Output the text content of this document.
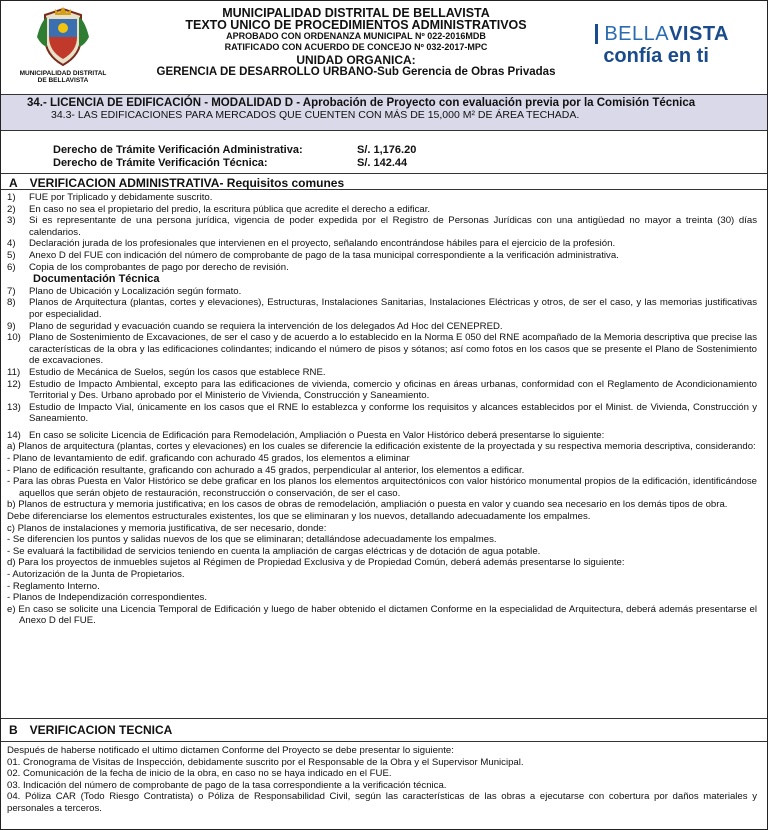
MUNICIPALIDAD DISTRITAL
DE BELLAVISTA
MUNICIPALIDAD DISTRITAL DE BELLAVISTA
TEXTO UNICO DE PROCEDIMIENTOS ADMINISTRATIVOS
APROBADO CON ORDENANZA MUNICIPAL Nº 022-2016MDB
RATIFICADO CON ACUERDO DE CONCEJO Nº 032-2017-MPC
UNIDAD ORGANICA:
GERENCIA DE DESARROLLO URBANO-Sub Gerencia de Obras Privadas
BELLAVISTA
confía en ti
34.- LICENCIA DE EDIFICACIÓN - MODALIDAD D - Aprobación de Proyecto con evaluación previa por la Comisión Técnica
34.3- LAS EDIFICACIONES PARA MERCADOS QUE CUENTEN CON MÁS DE 15,000 M² DE ÁREA TECHADA.
Derecho de Trámite Verificación Administrativa:	S/. 1,176.20
Derecho de Trámite Verificación Técnica:	S/. 142.44
A VERIFICACION ADMINISTRATIVA- Requisitos comunes
1)	FUE por Triplicado y debidamente suscrito.
2)	En caso no sea el propietario del predio, la escritura pública que acredite el derecho a edificar.
3)	Si es representante de una persona jurídica, vigencia de poder expedida por el Registro de Personas Jurídicas con una antigüedad no mayor a treinta (30) días calendarios.
4)	Declaración jurada de los profesionales que intervienen en el proyecto, señalando encontrándose hábiles para el ejercicio de la profesión.
5)	Anexo D del FUE con indicación del número de comprobante de pago de la tasa municipal correspondiente a la verificación administrativa.
6)	Copia de los comprobantes de pago por derecho de revisión.
Documentación Técnica
7)	Plano de Ubicación y Localización según formato.
8)	Planos de Arquitectura (plantas, cortes y elevaciones), Estructuras, Instalaciones Sanitarias, Instalaciones Eléctricas y otros, de ser el caso, y las memorias justificativas por especialidad.
9)	Plano de seguridad y evacuación cuando se requiera la intervención de los delegados Ad Hoc del CENEPRED.
10) Plano de Sostenimiento de Excavaciones, de ser el caso y de acuerdo a lo establecido en la Norma E 050 del RNE acompañado de la Memoria descriptiva que precise las características de la obra y las edificaciones colindantes; indicando el número de pisos y sótanos; así como fotos en los casos que se presente el Plano de Sostenimiento de excavaciones.
11) Estudio de Mecánica de Suelos, según los casos que establece RNE.
12) Estudio de Impacto Ambiental, excepto para las edificaciones de vivienda, comercio y oficinas en áreas urbanas, conformidad con el Reglamento de Acondicionamiento Territorial y Des. Urbano aprobado por el Ministerio de Vivienda, Construcción y Saneamiento.
13) Estudio de Impacto Vial, únicamente en los casos que el RNE lo establezca y conforme los requisitos y alcances establecidos por el Minist. de Vivienda, Construcción y Saneamiento.
14) En caso se solicite Licencia de Edificación para Remodelación, Ampliación o Puesta en Valor Histórico deberá presentarse lo siguiente:
a) Planos de arquitectura (plantas, cortes y elevaciones) en los cuales se diferencie la edificación existente de la proyectada y su respectiva memoria descriptiva, considerando:
- Plano de levantamiento de edif. graficando con achurado 45 grados, los elementos a eliminar
- Plano de edificación resultante, graficando con achurado a 45 grados, perpendicular al anterior, los elementos a edificar.
- Para las obras Puesta en Valor Histórico se debe graficar en los planos los elementos arquitectónicos con valor histórico monumental propios de la edificación, identificándose aquellos que serán objeto de restauración, reconstrucción o conservación, de ser el caso.
b) Planos de estructura y memoria justificativa; en los casos de obras de remodelación, ampliación o puesta en valor y cuando sea necesario en los demás tipos de obra.
Debe diferenciarse los elementos estructurales existentes, los que se eliminaran y los nuevos, detallando adecuadamente los empalmes.
c) Planos de instalaciones y memoria justificativa, de ser necesario, donde:
- Se diferencien los puntos y salidas nuevos de los que se eliminaran; detallándose adecuadamente los empalmes.
- Se evaluará la factibilidad de servicios teniendo en cuenta la ampliación de cargas eléctricas y de dotación de agua potable.
d) Para los proyectos de inmuebles sujetos al Régimen de Propiedad Exclusiva y de Propiedad Común, deberá además presentarse lo siguiente:
- Autorización de la Junta de Propietarios.
- Reglamento Interno.
- Planos de Independización correspondientes.
e) En caso se solicite una Licencia Temporal de Edificación y luego de haber obtenido el dictamen Conforme en la especialidad de Arquitectura, deberá además presentarse el Anexo D del FUE.
B VERIFICACION TECNICA
Después de haberse notificado el ultimo dictamen Conforme del Proyecto se debe presentar lo siguiente:
01. Cronograma de Visitas de Inspección, debidamente suscrito por el Responsable de la Obra y el Supervisor Municipal.
02. Comunicación de la fecha de inicio de la obra, en caso no se haya indicado en el FUE.
03. Indicación del número de comprobante de pago de la tasa correspondiente a la verificación técnica.
04. Póliza CAR (Todo Riesgo Contratista) o Póliza de Responsabilidad Civil, según las características de las obras a ejecutarse con cobertura por daños materiales y personales a terceros.
